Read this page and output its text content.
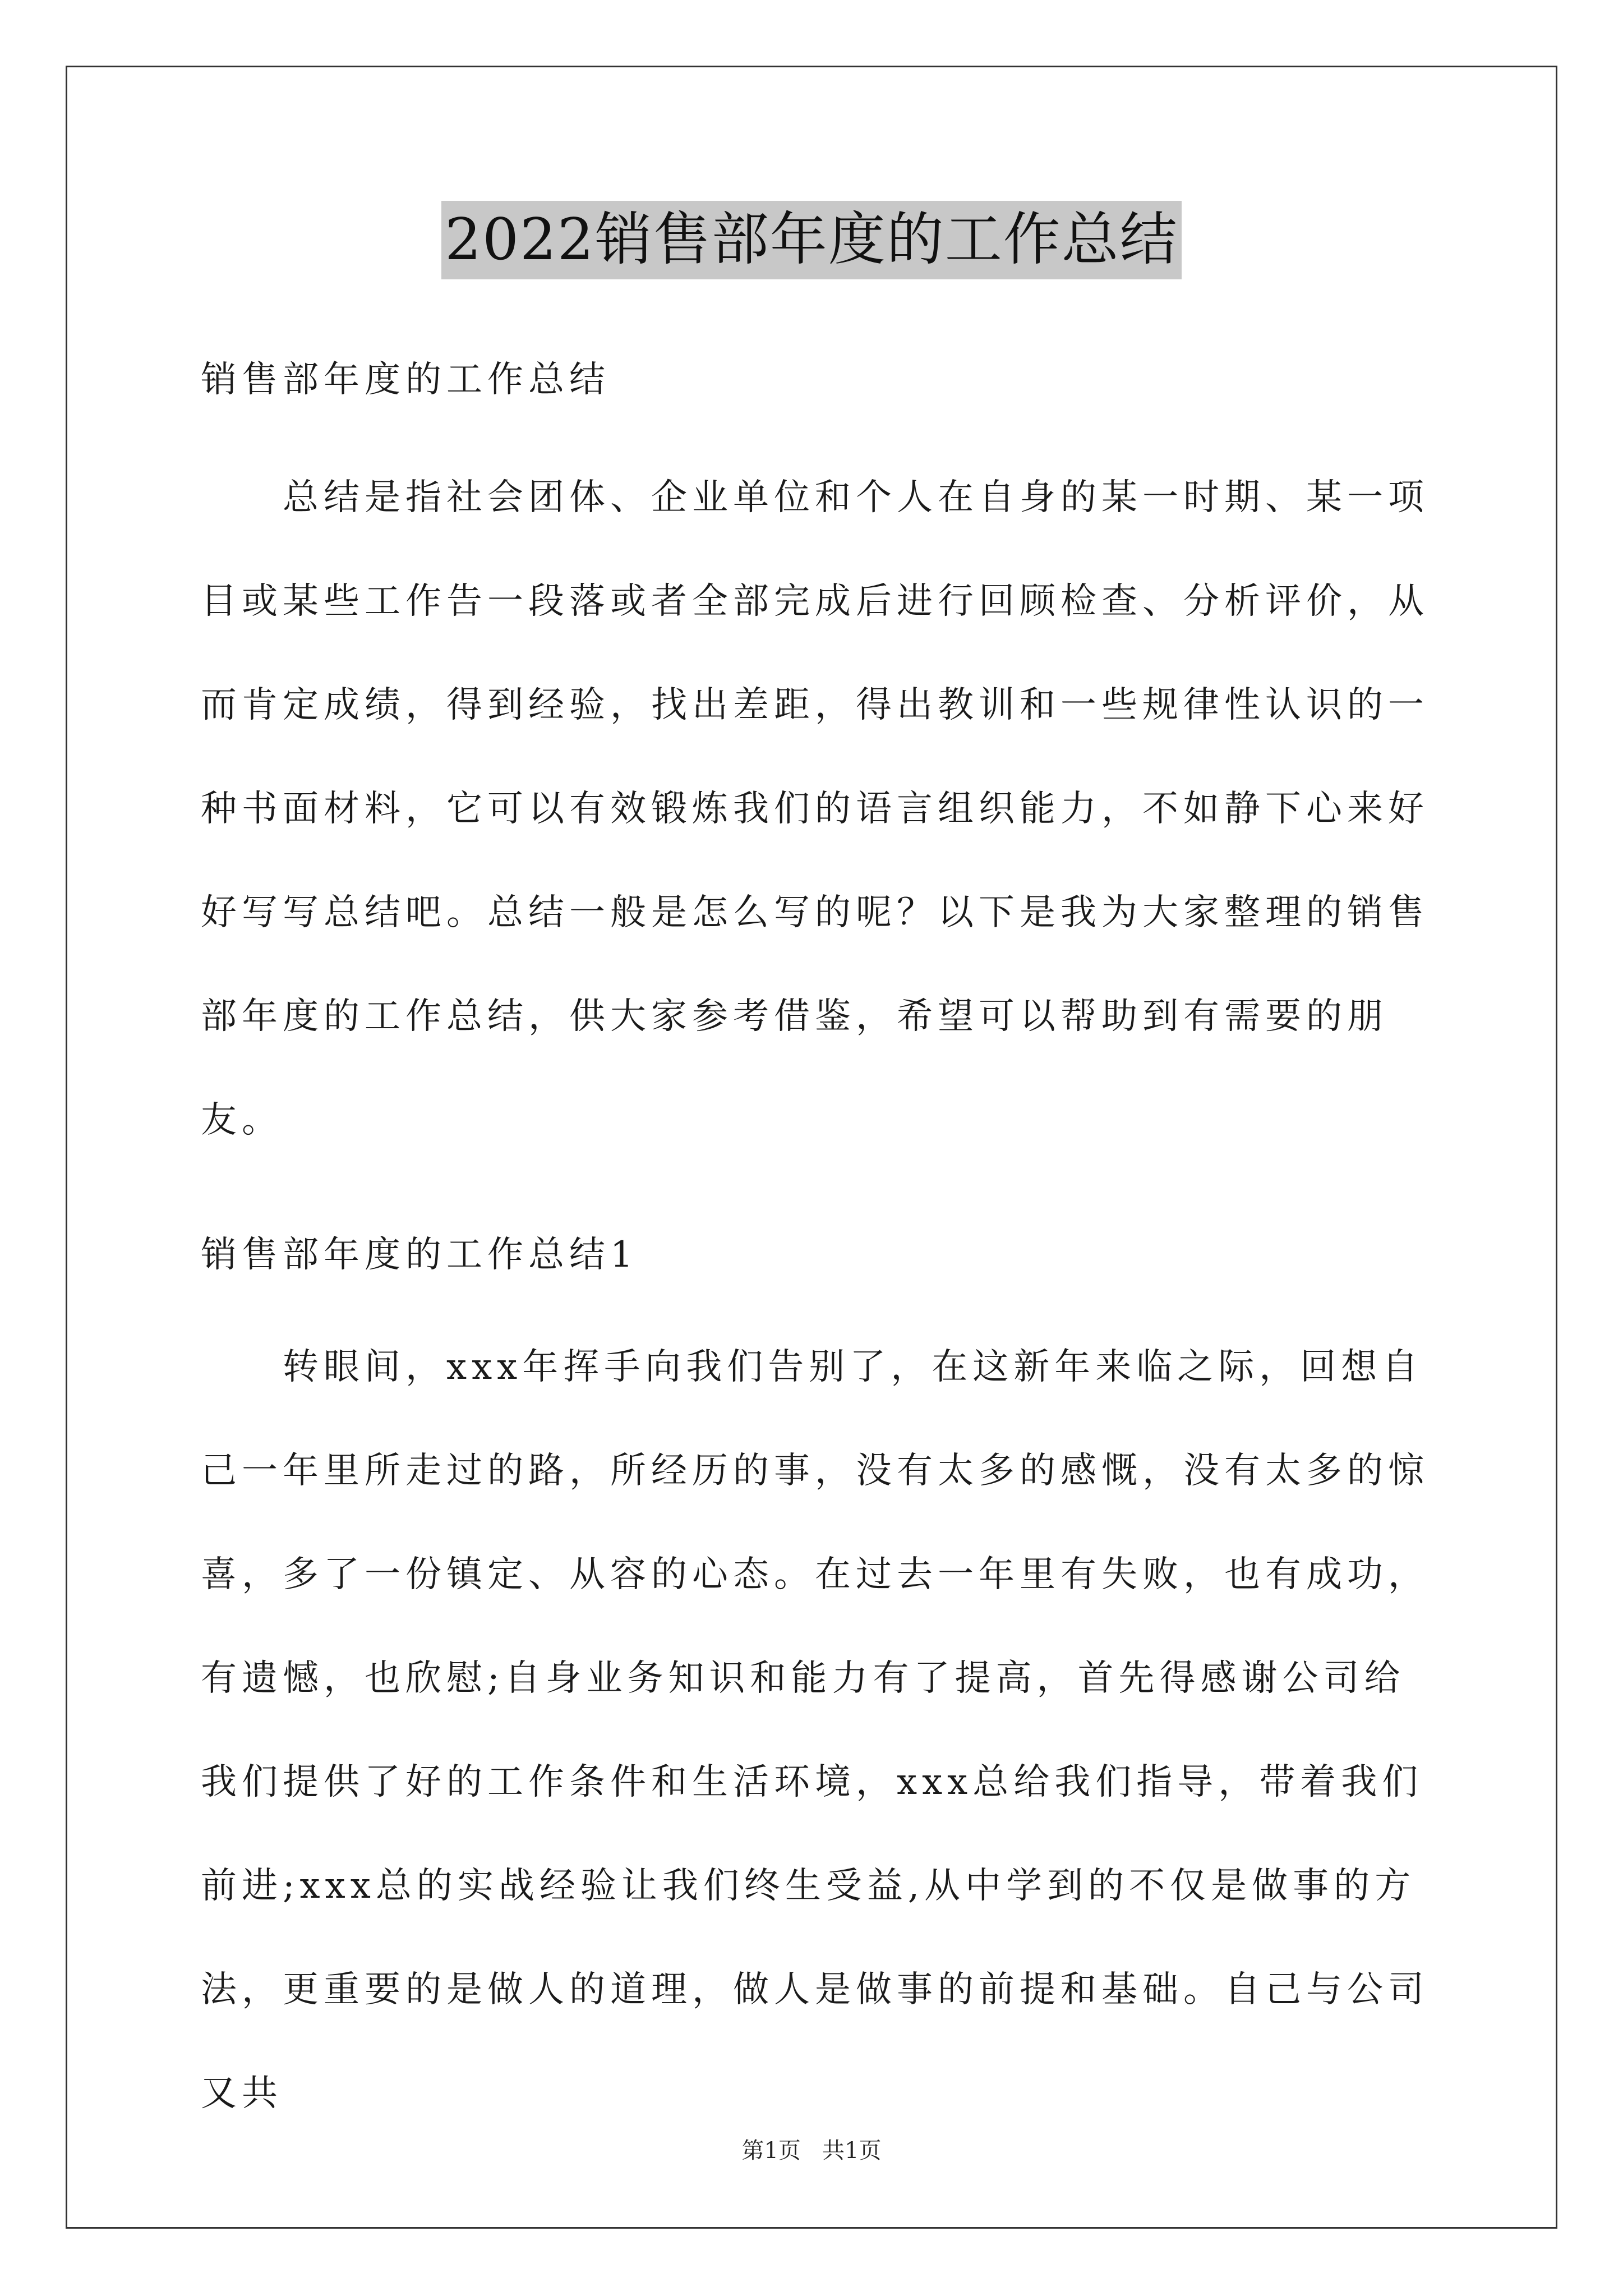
2022销售部年度的工作总结

销售部年度的工作总结

总结是指社会团体、企业单位和个人在自身的某一时期、某一项目或某些工作告一段落或者全部完成后进行回顾检查、分析评价，从而肯定成绩，得到经验，找出差距，得出教训和一些规律性认识的一种书面材料，它可以有效锻炼我们的语言组织能力，不如静下心来好好写写总结吧。总结一般是怎么写的呢？以下是我为大家整理的销售部年度的工作总结，供大家参考借鉴，希望可以帮助到有需要的朋友。

销售部年度的工作总结1

转眼间，xxx年挥手向我们告别了，在这新年来临之际，回想自己一年里所走过的路，所经历的事，没有太多的感慨，没有太多的惊喜，多了一份镇定、从容的心态。在过去一年里有失败，也有成功，有遗憾，也欣慰;自身业务知识和能力有了提高，首先得感谢公司给我们提供了好的工作条件和生活环境，xxx总给我们指导，带着我们前进;xxx总的实战经验让我们终生受益,从中学到的不仅是做事的方法，更重要的是做人的道理，做人是做事的前提和基础。自己与公司又共

第1页   共1页
